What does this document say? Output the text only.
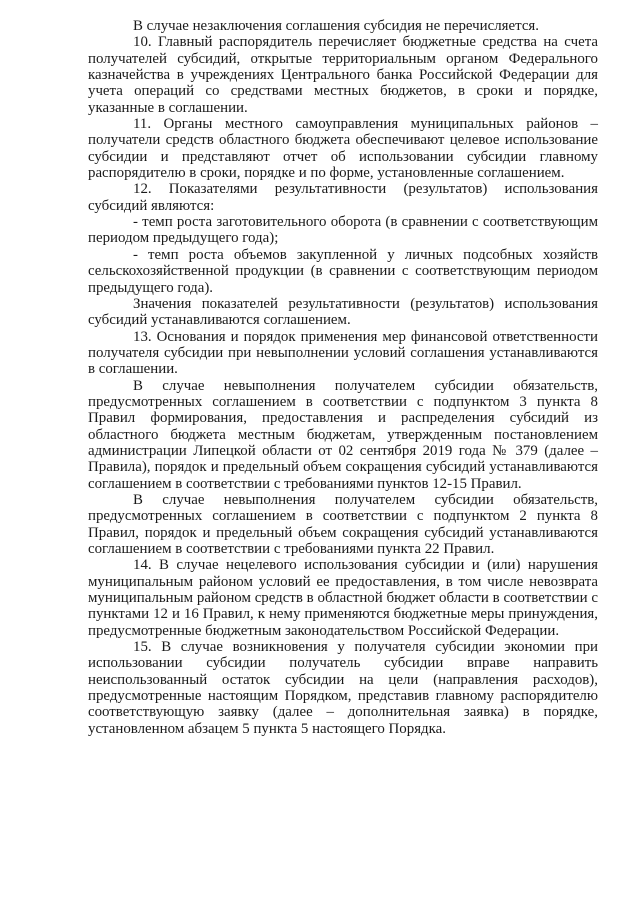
В случае незаключения соглашения субсидия не перечисляется.

10. Главный распорядитель перечисляет бюджетные средства на счета получателей субсидий, открытые территориальным органом Федерального казначейства в учреждениях Центрального банка Российской Федерации для учета операций со средствами местных бюджетов, в сроки и порядке, указанные в соглашении.

11. Органы местного самоуправления муниципальных районов – получатели средств областного бюджета обеспечивают целевое использование субсидии и представляют отчет об использовании субсидии главному распорядителю в сроки, порядке и по форме, установленные соглашением.

12. Показателями результативности (результатов) использования субсидий являются:

- темп роста заготовительного оборота (в сравнении с соответствующим периодом предыдущего года);

- темп роста объемов закупленной у личных подсобных хозяйств сельскохозяйственной продукции (в сравнении с соответствующим периодом предыдущего года).

Значения показателей результативности (результатов) использования субсидий устанавливаются соглашением.

13. Основания и порядок применения мер финансовой ответственности получателя субсидии при невыполнении условий соглашения устанавливаются в соглашении.

В случае невыполнения получателем субсидии обязательств, предусмотренных соглашением в соответствии с подпунктом 3 пункта 8 Правил формирования, предоставления и распределения субсидий из областного бюджета местным бюджетам, утвержденным постановлением администрации Липецкой области от 02 сентября 2019 года № 379 (далее – Правила), порядок и предельный объем сокращения субсидий устанавливаются соглашением в соответствии с требованиями пунктов 12-15 Правил.

В случае невыполнения получателем субсидии обязательств, предусмотренных соглашением в соответствии с подпунктом 2 пункта 8 Правил, порядок и предельный объем сокращения субсидий устанавливаются соглашением в соответствии с требованиями пункта 22 Правил.

14. В случае нецелевого использования субсидии и (или) нарушения муниципальным районом условий ее предоставления, в том числе невозврата муниципальным районом средств в областной бюджет области в соответствии с пунктами 12 и 16 Правил, к нему применяются бюджетные меры принуждения, предусмотренные бюджетным законодательством Российской Федерации.

15. В случае возникновения у получателя субсидии экономии при использовании субсидии получатель субсидии вправе направить неиспользованный остаток субсидии на цели (направления расходов), предусмотренные настоящим Порядком, представив главному распорядителю соответствующую заявку (далее – дополнительная заявка) в порядке, установленном абзацем 5 пункта 5 настоящего Порядка.
